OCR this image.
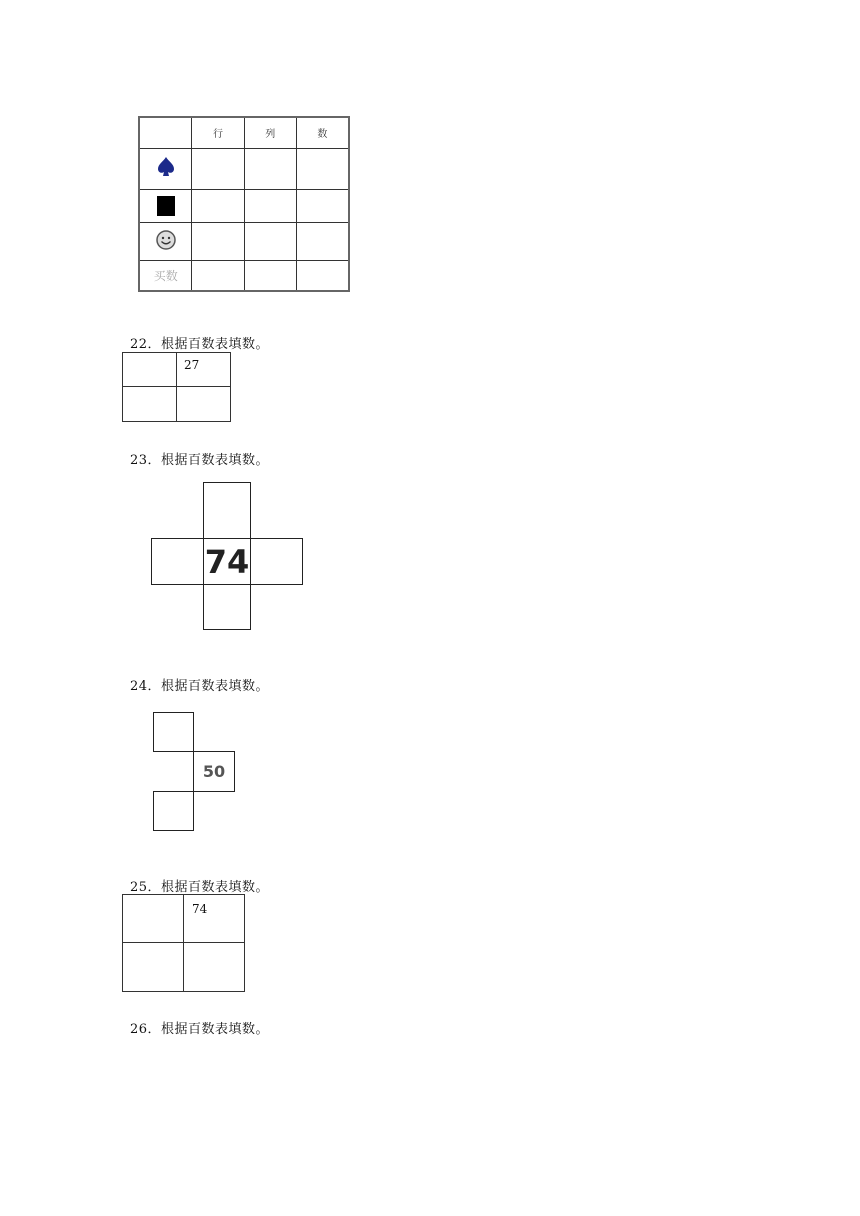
	行	列	数

买数			
22．根据百数表填数。

	27

23．根据百数表填数。
74
24．根据百数表填数。
50
25．根据百数表填数。

	74

26．根据百数表填数。
